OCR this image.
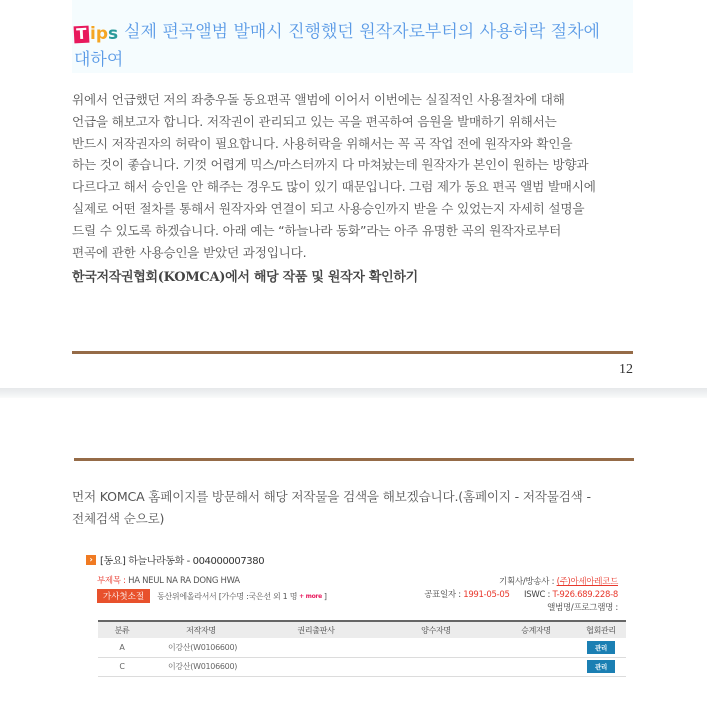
T i p s 실제 편곡앨범 발매시 진행했던 원작자로부터의 사용허락 절차에
대하여
위에서 언급했던 저의 좌충우돌 동요편곡 앨범에 이어서 이번에는 실질적인 사용절차에 대해
언급을 해보고자 합니다. 저작권이 관리되고 있는 곡을 편곡하여 음원을 발매하기 위해서는
반드시 저작권자의 허락이 필요합니다. 사용허락을 위해서는 꼭 곡 작업 전에 원작자와 확인을
하는 것이 좋습니다. 기껏 어렵게 믹스/마스터까지 다 마쳐놨는데 원작자가 본인이 원하는 방향과
다르다고 해서 승인을 안 해주는 경우도 많이 있기 때문입니다. 그럼 제가 동요 편곡 앨범 발매시에
실제로 어떤 절차를 통해서 원작자와 연결이 되고 사용승인까지 받을 수 있었는지 자세히 설명을
드릴 수 있도록 하겠습니다. 아래 예는 “하늘나라 동화”라는 아주 유명한 곡의 원작자로부터
편곡에 관한 사용승인을 받았던 과정입니다.
한국저작권협회(KOMCA)에서 해당 작품 및 원작자 확인하기
12
먼저 KOMCA 홈페이지를 방문해서 해당 저작물을 검색을 해보겠습니다.(홈페이지 - 저작물검색 -
전체검색 순으로)
› [동요] 하늘나라동화 - 004000007380
부제목 : HA NEUL NA RA DONG HWA
가사첫소절	동산위에올라서서 [가수명 :국은선 외 1 명 + more ]
기획사/방송사 : (주)아세아레코드
공표일자 : 1991-05-05 ISWC : T-926.689.228-8
앨범명/프로그램명 :
분류	저작자명	권리출판사	양수자명	승계자명	협회관리
A	이강산(W0106600)				관리
C	이강산(W0106600)				관리
